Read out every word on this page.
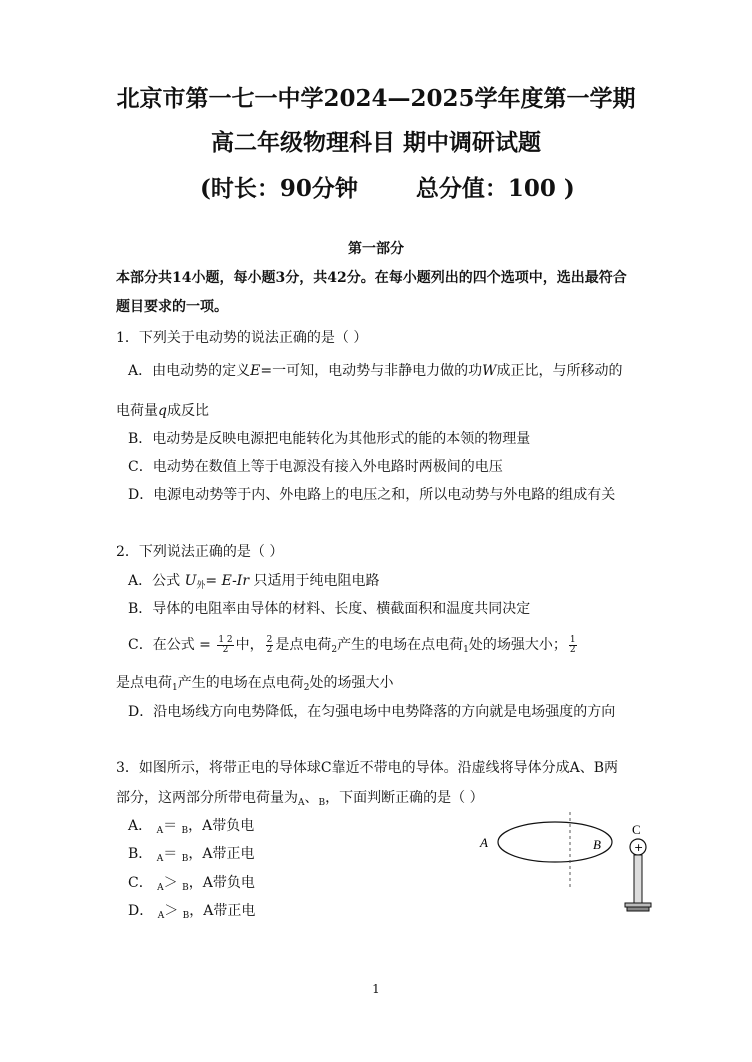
北京市第一七一中学2024—2025学年度第一学期
高二年级物理科目 期中调研试题
(时长：90分钟	总分值：100 )
第一部分
本部分共14小题，每小题3分，共42分。在每小题列出的四个选项中，选出最符合
题目要求的一项。
1．下列关于电动势的说法正确的是（ ）
A．由电动势的定义E=一可知，电动势与非静电力做的功W成正比，与所移动的
电荷量q成反比
B．电动势是反映电源把电能转化为其他形式的能的本领的物理量
C．电动势在数值上等于电源没有接入外电路时两极间的电压
D．电源电动势等于内、外电路上的电压之和，所以电动势与外电路的组成有关
2．下列说法正确的是（ ）
A．公式 $U_外= E-Ir$ 只适用于纯电阻电路
B．导体的电阻率由导体的材料、长度、横截面积和温度共同决定
C．在公式 = $\frac{1 2}{2}$ 中， $\frac{2}{2}$ 是点电荷$_2$产生的电场在点电荷$_1$处的场强大小； $\frac{1}{2}$
是点电荷$_1$产生的电场在点电荷$_2$处的场强大小
D．沿电场线方向电势降低，在匀强电场中电势降落的方向就是电场强度的方向
3．如图所示，将带正电的导体球C靠近不带电的导体。沿虚线将导体分成A、B两
部分，这两部分所带电荷量为$_A$、$_B$，下面判断正确的是（ ）
A． $_A$＝ $_B$，A带负电
B． $_A$＝ $_B$，A带正电
C． $_A$＞ $_B$，A带负电
D． $_A$＞ $_B$，A带正电
A	B
C
+
1
